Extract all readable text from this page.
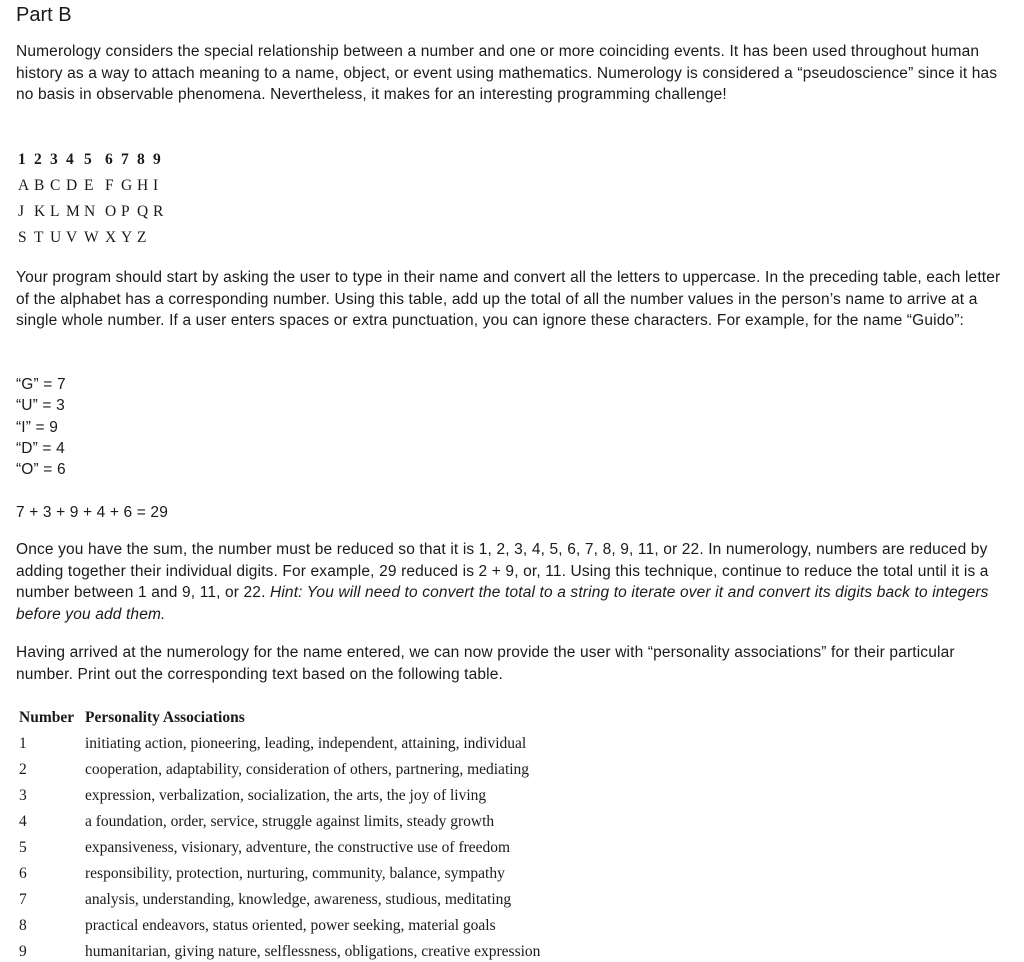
Part B

Numerology considers the special relationship between a number and one or more coinciding events. It has been used throughout human history as a way to attach meaning to a name, object, or event using mathematics. Numerology is considered a “pseudoscience” since it has no basis in observable phenomena. Nevertheless, it makes for an interesting programming challenge!

1 2 3 4 5 6 7 8 9
A B C D E F G H I
J K L M N O P Q R
S T U V W X Y Z

Your program should start by asking the user to type in their name and convert all the letters to uppercase. In the preceding table, each letter of the alphabet has a corresponding number. Using this table, add up the total of all the number values in the person’s name to arrive at a single whole number. If a user enters spaces or extra punctuation, you can ignore these characters. For example, for the name “Guido”:

“G” = 7
“U” = 3
“I” = 9
“D” = 4
“O” = 6

7 + 3 + 9 + 4 + 6 = 29

Once you have the sum, the number must be reduced so that it is 1, 2, 3, 4, 5, 6, 7, 8, 9, 11, or 22. In numerology, numbers are reduced by adding together their individual digits. For example, 29 reduced is 2 + 9, or, 11. Using this technique, continue to reduce the total until it is a number between 1 and 9, 11, or 22. Hint: You will need to convert the total to a string to iterate over it and convert its digits back to integers before you add them.

Having arrived at the numerology for the name entered, we can now provide the user with “personality associations” for their particular number. Print out the corresponding text based on the following table.

Number	Personality Associations
1	initiating action, pioneering, leading, independent, attaining, individual
2	cooperation, adaptability, consideration of others, partnering, mediating
3	expression, verbalization, socialization, the arts, the joy of living
4	a foundation, order, service, struggle against limits, steady growth
5	expansiveness, visionary, adventure, the constructive use of freedom
6	responsibility, protection, nurturing, community, balance, sympathy
7	analysis, understanding, knowledge, awareness, studious, meditating
8	practical endeavors, status oriented, power seeking, material goals
9	humanitarian, giving nature, selflessness, obligations, creative expression
